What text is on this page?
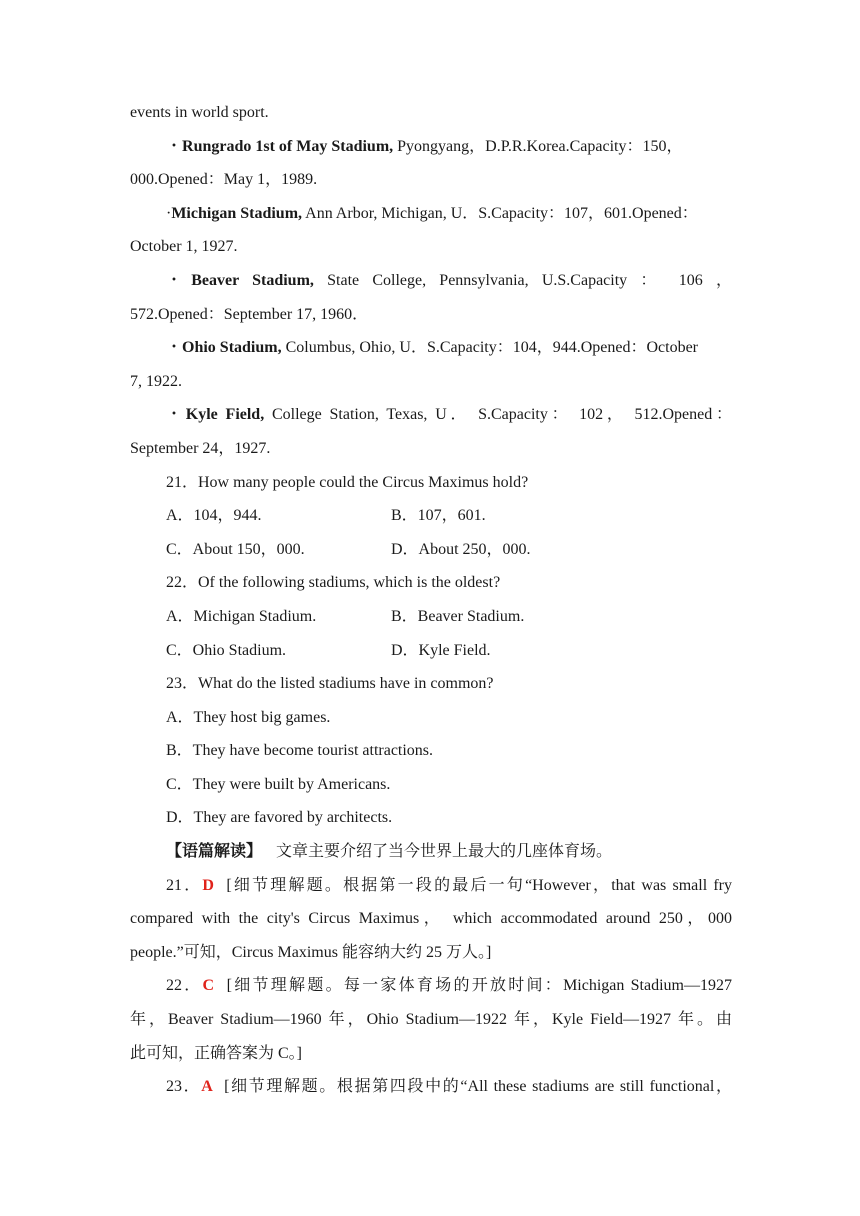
events in world sport.
・Rungrado 1st of May Stadium, Pyongyang，D.P.R.Korea.Capacity：150，
000.Opened：May 1，1989.
·Michigan Stadium, Ann Arbor, Michigan, U．S.Capacity：107，601.Opened：
October 1, 1927.
・Beaver Stadium, State College, Pennsylvania, U.S.Capacity ： 106 ，
572.Opened：September 17, 1960．
・Ohio Stadium, Columbus, Ohio, U．S.Capacity：104，944.Opened：October
7, 1922.
・Kyle Field, College Station, Texas, U． S.Capacity： 102， 512.Opened：
September 24，1927.
21．How many people could the Circus Maximus hold?
A．104，944.	B．107，601.
C．About 150，000.	D．About 250，000.
22．Of the following stadiums, which is the oldest?
A．Michigan Stadium.	B．Beaver Stadium.
C．Ohio Stadium.	D．Kyle Field.
23．What do the listed stadiums have in common?
A．They host big games.
B．They have become tourist attractions.
C．They were built by Americans.
D．They are favored by architects.
【语篇解读】 文章主要介绍了当今世界上最大的几座体育场。
21．D [细节理解题。根据第一段的最后一句“However，that was small fry
compared with the city's Circus Maximus， which accommodated around 250，000
people.”可知，Circus Maximus 能容纳大约 25 万人。]
22．C [细节理解题。每一家体育场的开放时间：Michigan Stadium—1927
年，Beaver Stadium—1960 年，Ohio Stadium—1922 年，Kyle Field—1927 年。由
此可知，正确答案为 C。]
23．A [细节理解题。根据第四段中的“All these stadiums are still functional，
